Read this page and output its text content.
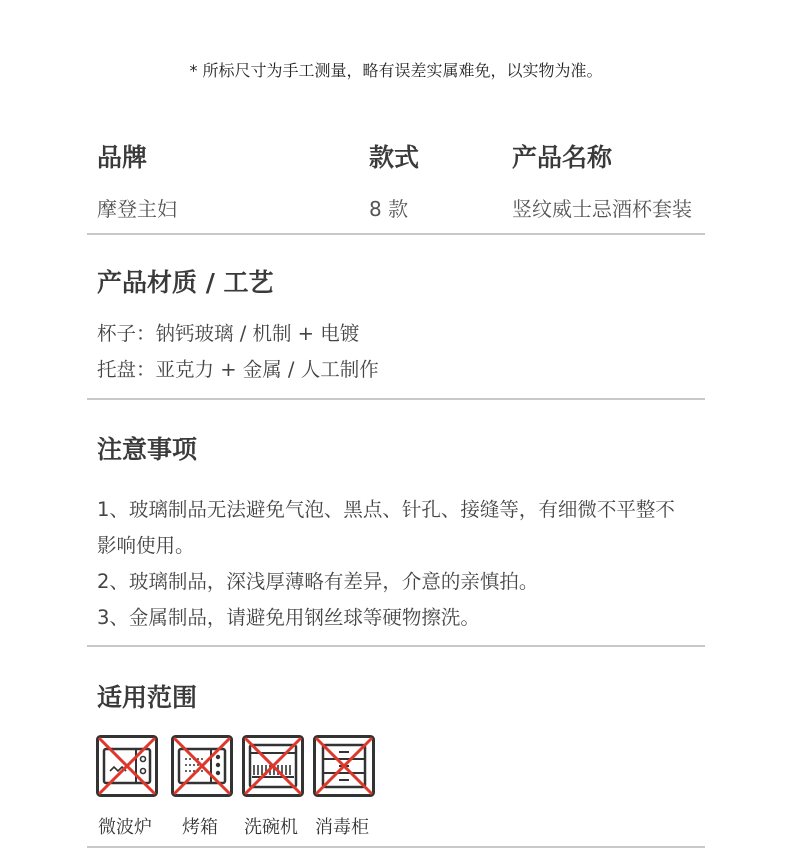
* 所标尺寸为手工测量，略有误差实属难免，以实物为准。
品牌	款式	产品名称
摩登主妇	8 款	竖纹威士忌酒杯套装
产品材质 / 工艺
杯子：钠钙玻璃 / 机制 + 电镀
托盘：亚克力 + 金属 / 人工制作
注意事项
1、玻璃制品无法避免气泡、黑点、针孔、接缝等，有细微不平整不
影响使用。
2、玻璃制品，深浅厚薄略有差异，介意的亲慎拍。
3、金属制品，请避免用钢丝球等硬物擦洗。
适用范围
微波炉	烤箱	洗碗机 消毒柜
